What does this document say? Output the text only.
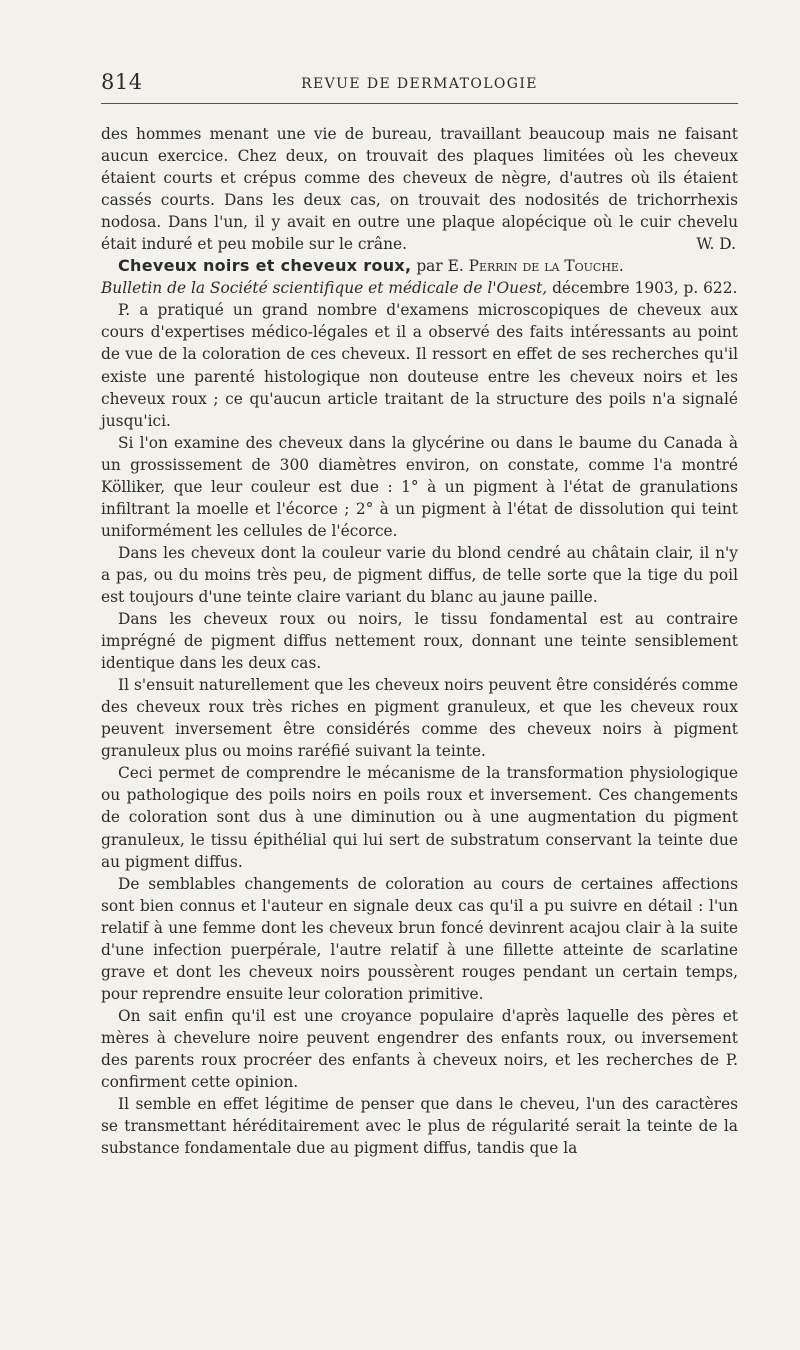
814	REVUE DE DERMATOLOGIE

des hommes menant une vie de bureau, travaillant beaucoup mais ne faisant aucun exercice. Chez deux, on trouvait des plaques limitées où les cheveux étaient courts et crépus comme des cheveux de nègre, d'autres où ils étaient cassés courts. Dans les deux cas, on trouvait des nodosités de trichorrhexis nodosa. Dans l'un, il y avait en outre une plaque alopécique où le cuir chevelu était induré et peu mobile sur le crâne.	W. D.

Cheveux noirs et cheveux roux, par E. Perrin de la Touche.

Bulletin de la Société scientifique et médicale de l'Ouest, décembre 1903, p. 622.

P. a pratiqué un grand nombre d'examens microscopiques de cheveux aux cours d'expertises médico-légales et il a observé des faits intéressants au point de vue de la coloration de ces cheveux. Il ressort en effet de ses recherches qu'il existe une parenté histologique non douteuse entre les cheveux noirs et les cheveux roux ; ce qu'aucun article traitant de la structure des poils n'a signalé jusqu'ici.

Si l'on examine des cheveux dans la glycérine ou dans le baume du Canada à un grossissement de 300 diamètres environ, on constate, comme l'a montré Kölliker, que leur couleur est due : 1° à un pigment à l'état de granulations infiltrant la moelle et l'écorce ; 2° à un pigment à l'état de dissolution qui teint uniformément les cellules de l'écorce.

Dans les cheveux dont la couleur varie du blond cendré au châtain clair, il n'y a pas, ou du moins très peu, de pigment diffus, de telle sorte que la tige du poil est toujours d'une teinte claire variant du blanc au jaune paille.

Dans les cheveux roux ou noirs, le tissu fondamental est au contraire imprégné de pigment diffus nettement roux, donnant une teinte sensiblement identique dans les deux cas.

Il s'ensuit naturellement que les cheveux noirs peuvent être considérés comme des cheveux roux très riches en pigment granuleux, et que les cheveux roux peuvent inversement être considérés comme des cheveux noirs à pigment granuleux plus ou moins raréfié suivant la teinte.

Ceci permet de comprendre le mécanisme de la transformation physiologique ou pathologique des poils noirs en poils roux et inversement. Ces changements de coloration sont dus à une diminution ou à une augmentation du pigment granuleux, le tissu épithélial qui lui sert de substratum conservant la teinte due au pigment diffus.

De semblables changements de coloration au cours de certaines affections sont bien connus et l'auteur en signale deux cas qu'il a pu suivre en détail : l'un relatif à une femme dont les cheveux brun foncé devinrent acajou clair à la suite d'une infection puerpérale, l'autre relatif à une fillette atteinte de scarlatine grave et dont les cheveux noirs poussèrent rouges pendant un certain temps, pour reprendre ensuite leur coloration primitive.

On sait enfin qu'il est une croyance populaire d'après laquelle des pères et mères à chevelure noire peuvent engendrer des enfants roux, ou inversement des parents roux procréer des enfants à cheveux noirs, et les recherches de P. confirment cette opinion.

Il semble en effet légitime de penser que dans le cheveu, l'un des caractères se transmettant héréditairement avec le plus de régularité serait la teinte de la substance fondamentale due au pigment diffus, tandis que la
